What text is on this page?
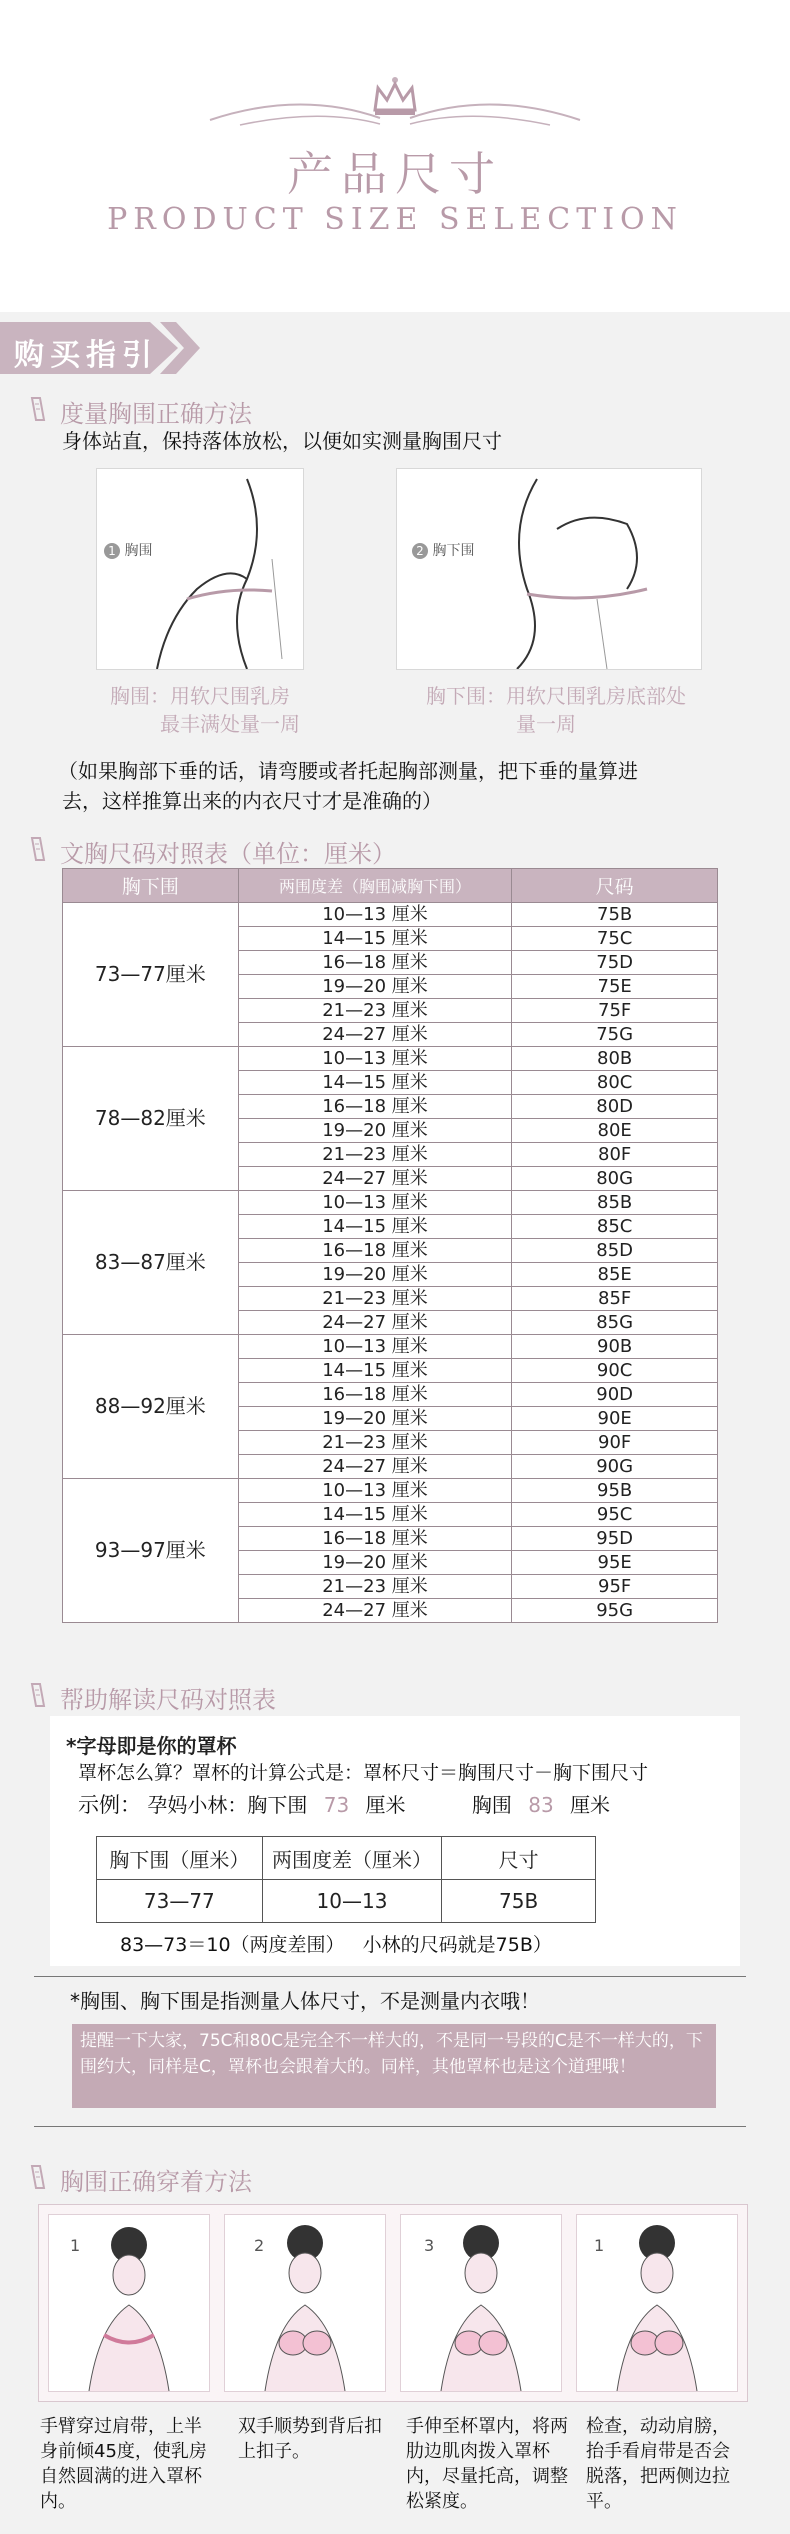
产品尺寸
PRODUCT SIZE SELECTION
购买指引
度量胸围正确方法
身体站直，保持落体放松，以便如实测量胸围尺寸
1 胸围
胸围：用软尺围乳房
最丰满处量一周
2 胸下围
胸下围：用软尺围乳房底部处
量一周
（如果胸部下垂的话，请弯腰或者托起胸部测量，把下垂的量算进
去，这样推算出来的内衣尺寸才是准确的）
文胸尺码对照表（单位：厘米）
胸下围	两围度差（胸围减胸下围）	尺码
73—77厘米	10—13 厘米	75B
	14—15 厘米	75C
	16—18 厘米	75D
	19—20 厘米	75E
	21—23 厘米	75F
	24—27 厘米	75G
78—82厘米	10—13 厘米	80B
	14—15 厘米	80C
	16—18 厘米	80D
	19—20 厘米	80E
	21—23 厘米	80F
	24—27 厘米	80G
83—87厘米	10—13 厘米	85B
	14—15 厘米	85C
	16—18 厘米	85D
	19—20 厘米	85E
	21—23 厘米	85F
	24—27 厘米	85G
88—92厘米	10—13 厘米	90B
	14—15 厘米	90C
	16—18 厘米	90D
	19—20 厘米	90E
	21—23 厘米	90F
	24—27 厘米	90G
93—97厘米	10—13 厘米	95B
	14—15 厘米	95C
	16—18 厘米	95D
	19—20 厘米	95E
	21—23 厘米	95F
	24—27 厘米	95G
帮助解读尺码对照表
*字母即是你的罩杯
罩杯怎么算？罩杯的计算公式是：罩杯尺寸＝胸围尺寸－胸下围尺寸
示例： 孕妈小林：胸下围 73 厘米	胸围 83 厘米
胸下围（厘米）	两围度差（厘米）	尺寸
73—77	10—13	75B
83—73＝10（两度差围）   小林的尺码就是75B）
*胸围、胸下围是指测量人体尺寸，不是测量内衣哦！
提醒一下大家，75C和80C是完全不一样大的，不是同一号段的C是不一样大的，下围约大，同样是C，罩杯也会跟着大的。同样，其他罩杯也是这个道理哦！
胸围正确穿着方法
1	2	3	1
手臂穿过肩带，上半身前倾45度，使乳房自然圆满的进入罩杯内。
双手顺势到背后扣上扣子。
手伸至杯罩内，将两肋边肌肉拨入罩杯内，尽量托高，调整松紧度。
检查，动动肩膀，抬手看肩带是否会脱落，把两侧边拉平。
